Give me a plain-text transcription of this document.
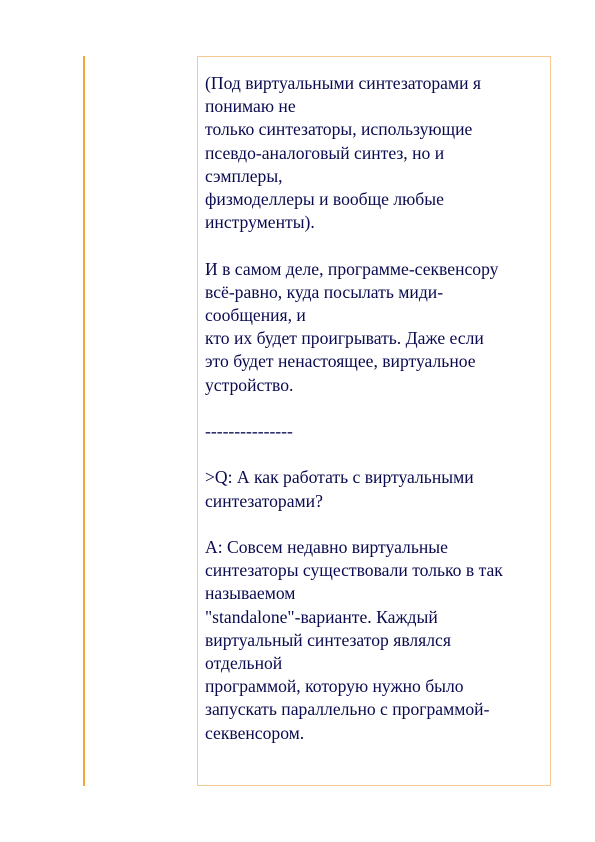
(Под виртуальными синтезаторами я
понимаю не
только синтезаторы, использующие
псевдо-аналоговый синтез, но и
сэмплеры,
физмоделлеры и вообще любые
инструменты).
И в самом деле, программе-секвенсору
всё-равно, куда посылать миди-
сообщения, и
кто их будет проигрывать. Даже если
это будет ненастоящее, виртуальное
устройство.
---------------
>Q: А как работать с виртуальными
синтезаторами?
A: Совсем недавно виртуальные
синтезаторы существовали только в так
называемом
"standalone"-варианте. Каждый
виртуальный синтезатор являлся
отдельной
программой, которую нужно было
запускать параллельно с программой-
секвенсором.
